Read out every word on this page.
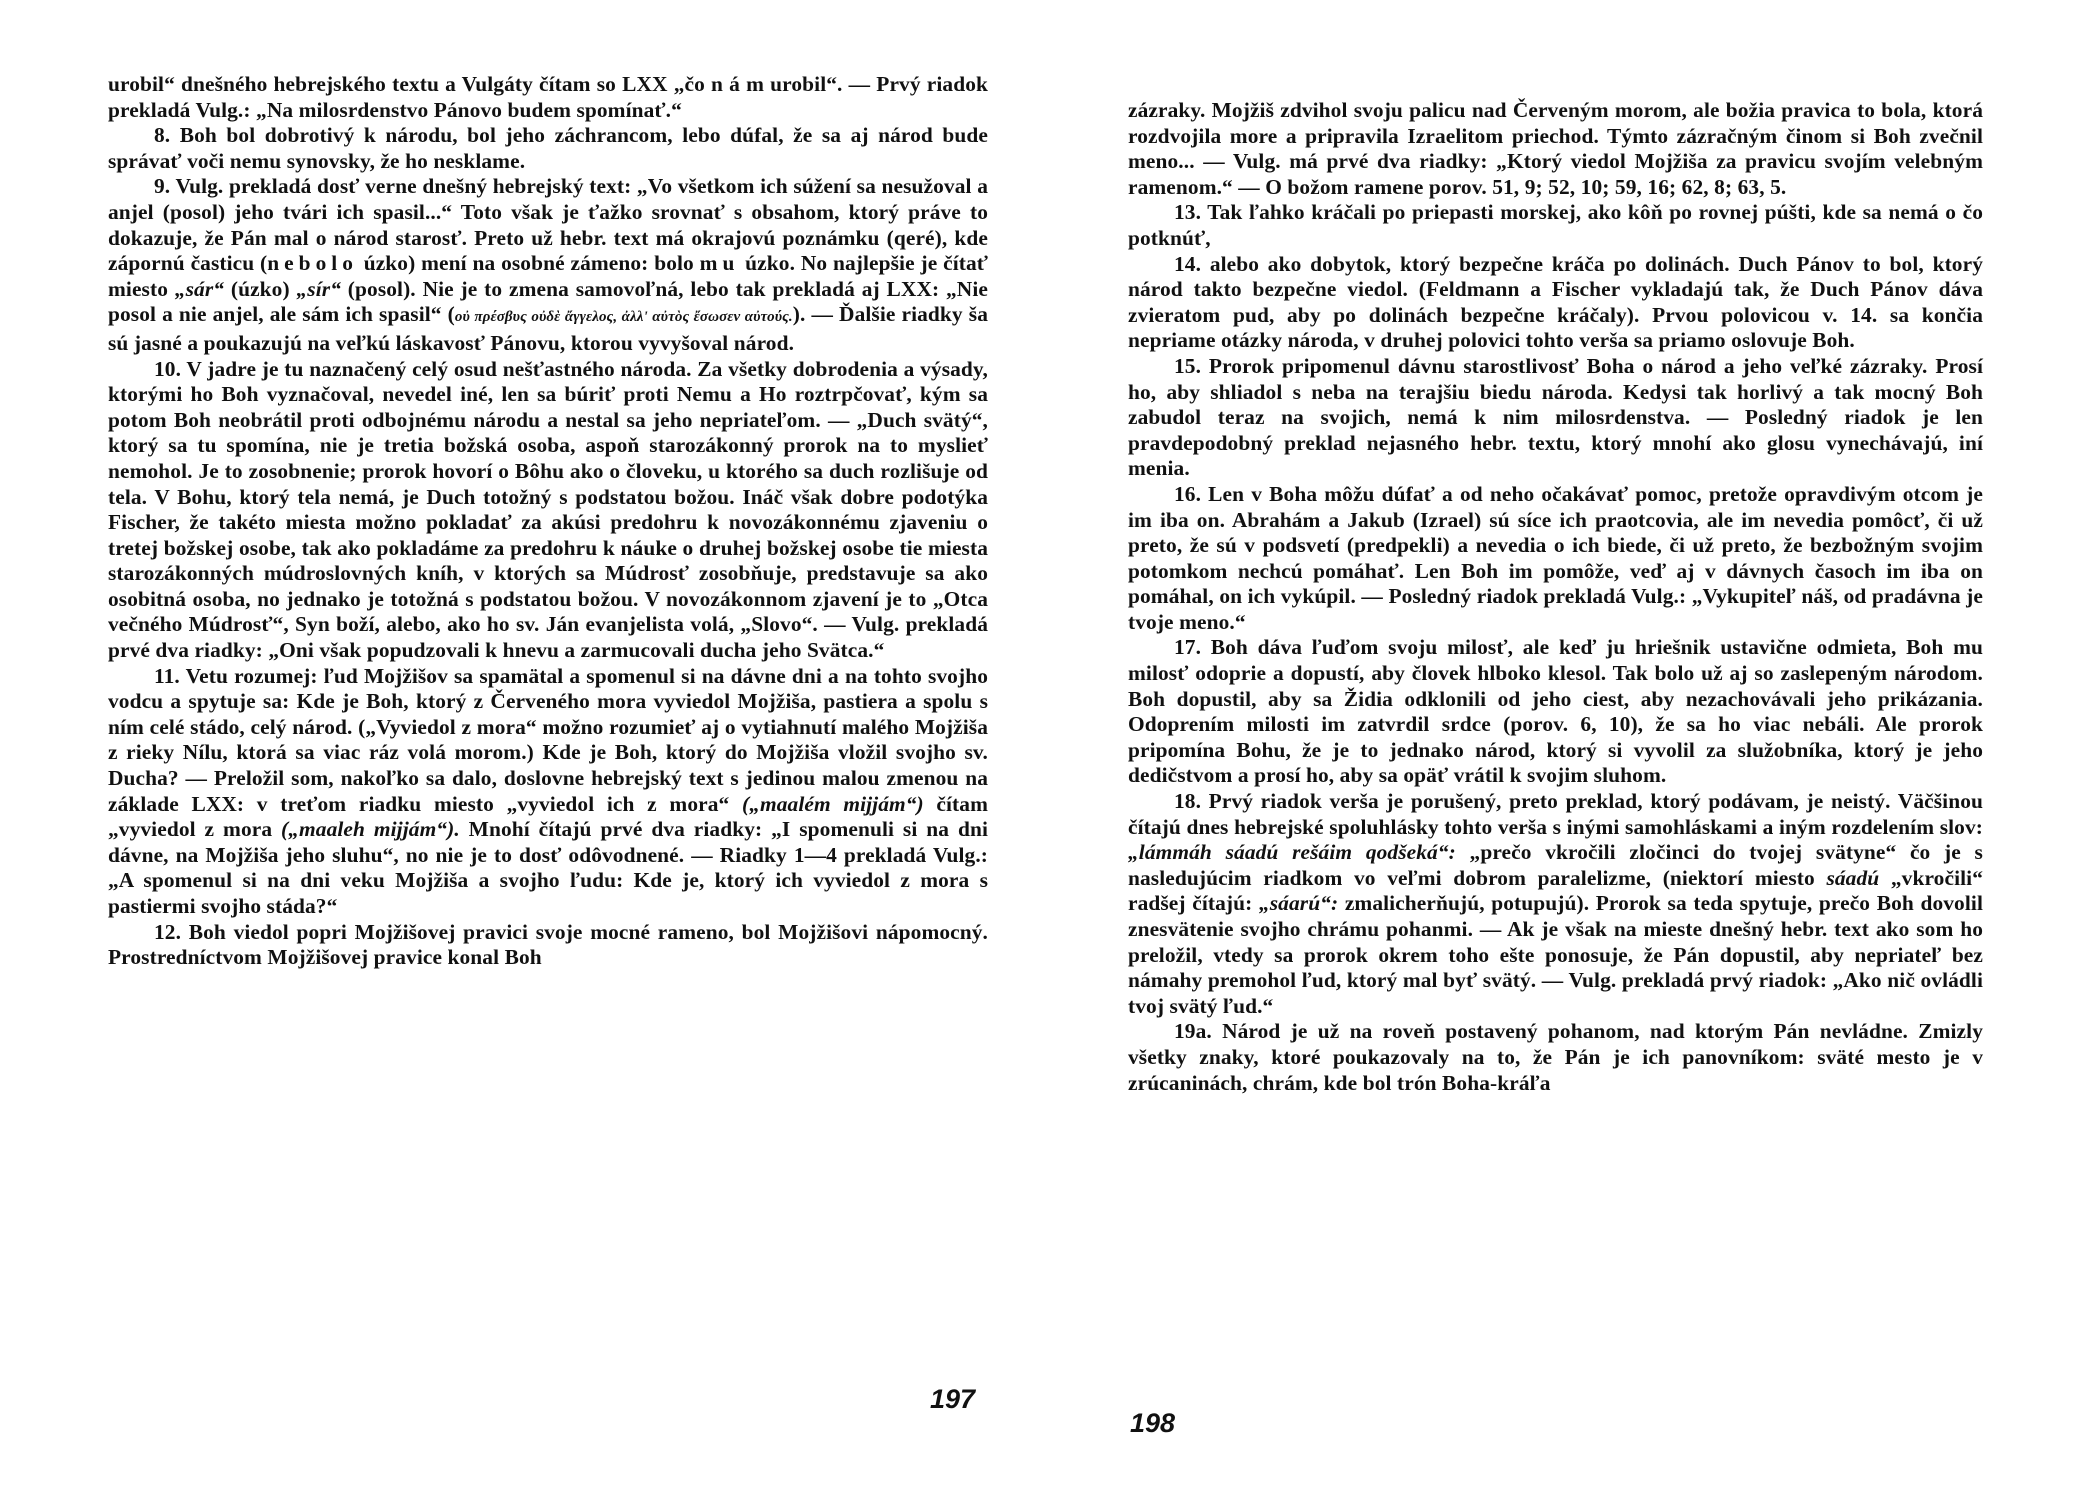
urobil“ dnešného hebrejského textu a Vulgáty čítam so LXX „čo n á m urobil“. — Prvý riadok prekladá Vulg.: „Na milosrdenstvo Pánovo budem spomínať.“

8. Boh bol dobrotivý k národu, bol jeho záchrancom, lebo dúfal, že sa aj národ bude správať voči nemu synovsky, že ho nesklame.

9. Vulg. prekladá dosť verne dnešný hebrejský text: „Vo všetkom ich súžení sa nesužoval a anjel (posol) jeho tvári ich spasil...“ Toto však je ťažko srovnať s obsahom, ktorý práve to dokazuje, že Pán mal o národ starosť. Preto už hebr. text má okrajovú poznámku (qeré), kde zápornú časticu (nebolo úzko) mení na osobné zámeno: bolo mu úzko. No najlepšie je čítať miesto „sár“ (úzko) „sír“ (posol). Nie je to zmena samovoľná, lebo tak prekladá aj LXX: „Nie posol a nie anjel, ale sám ich spasil“ (οὐ πρέσβυς οὐδὲ ἄγγελος, ἀλλ' αὐτὸς ἔσωσεν αὐτούς.). — Ďalšie riadky ša sú jasné a poukazujú na veľkú láskavosť Pánovu, ktorou vyvyšoval národ.

10. V jadre je tu naznačený celý osud nešťastného národa. Za všetky dobrodenia a výsady, ktorými ho Boh vyznačoval, nevedel iné, len sa búriť proti Nemu a Ho roztrpčovať, kým sa potom Boh neobrátil proti odbojnému národu a nestal sa jeho nepriateľom. — „Duch svätý“, ktorý sa tu spomína, nie je tretia božská osoba, aspoň starozákonný prorok na to myslieť nemohol. Je to zosobnenie; prorok hovorí o Bôhu ako o človeku, u ktorého sa duch rozlišuje od tela. V Bohu, ktorý tela nemá, je Duch totožný s podstatou božou. Ináč však dobre podotýka Fischer, že takéto miesta možno pokladať za akúsi predohru k novozákonnému zjaveniu o tretej božskej osobe, tak ako pokladáme za predohru k náuke o druhej božskej osobe tie miesta starozákonných múdroslovných kníh, v ktorých sa Múdrosť zosobňuje, predstavuje sa ako osobitná osoba, no jednako je totožná s podstatou božou. V novozákonnom zjavení je to „Otca večného Múdrosť“, Syn boží, alebo, ako ho sv. Ján evanjelista volá, „Slovo“. — Vulg. prekladá prvé dva riadky: „Oni však popudzovali k hnevu a zarmucovali ducha jeho Svätca.“

11. Vetu rozumej: ľud Mojžišov sa spamätal a spomenul si na dávne dni a na tohto svojho vodcu a spytuje sa: Kde je Boh, ktorý z Červeného mora vyviedol Mojžiša, pastiera a spolu s ním celé stádo, celý národ. („Vyviedol z mora“ možno rozumieť aj o vytiahnutí malého Mojžiša z rieky Nílu, ktorá sa viac ráz volá morom.) Kde je Boh, ktorý do Mojžiša vložil svojho sv. Ducha? — Preložil som, nakoľko sa dalo, doslovne hebrejský text s jedinou malou zmenou na základe LXX: v treťom riadku miesto „vyviedol ich z mora“ („maalém mijjám“) čítam „vyviedol z mora („maaleh mijjám“). Mnohí čítajú prvé dva riadky: „I spomenuli si na dni dávne, na Mojžiša jeho sluhu“, no nie je to dosť odôvodnené. — Riadky 1—4 prekladá Vulg.: „A spomenul si na dni veku Mojžiša a svojho ľudu: Kde je, ktorý ich vyviedol z mora s pastiermi svojho stáda?“

12. Boh viedol popri Mojžišovej pravici svoje mocné rameno, bol Mojžišovi nápomocný. Prostredníctvom Mojžišovej pravice konal Boh

197

zázraky. Mojžiš zdvihol svoju palicu nad Červeným morom, ale božia pravica to bola, ktorá rozdvojila more a pripravila Izraelitom priechod. Týmto zázračným činom si Boh zvečnil meno... — Vulg. má prvé dva riadky: „Ktorý viedol Mojžiša za pravicu svojím velebným ramenom.“ — O božom ramene porov. 51, 9; 52, 10; 59, 16; 62, 8; 63, 5.

13. Tak ľahko kráčali po priepasti morskej, ako kôň po rovnej púšti, kde sa nemá o čo potknúť,

14. alebo ako dobytok, ktorý bezpečne kráča po dolinách. Duch Pánov to bol, ktorý národ takto bezpečne viedol. (Feldmann a Fischer vykladajú tak, že Duch Pánov dáva zvieratom pud, aby po dolinách bezpečne kráčaly). Prvou polovicou v. 14. sa končia nepriame otázky národa, v druhej polovici tohto verša sa priamo oslovuje Boh.

15. Prorok pripomenul dávnu starostlivosť Boha o národ a jeho veľké zázraky. Prosí ho, aby shliadol s neba na terajšiu biedu národa. Kedysi tak horlivý a tak mocný Boh zabudol teraz na svojich, nemá k nim milosrdenstva. — Posledný riadok je len pravdepodobný preklad nejasného hebr. textu, ktorý mnohí ako glosu vynechávajú, iní menia.

16. Len v Boha môžu dúfať a od neho očakávať pomoc, pretože opravdivým otcom je im iba on. Abrahám a Jakub (Izrael) sú síce ich praotcovia, ale im nevedia pomôcť, či už preto, že sú v podsvetí (predpekli) a nevedia o ich biede, či už preto, že bezbožným svojim potomkom nechcú pomáhať. Len Boh im pomôže, veď aj v dávnych časoch im iba on pomáhal, on ich vykúpil. — Posledný riadok prekladá Vulg.: „Vykupiteľ náš, od pradávna je tvoje meno.“

17. Boh dáva ľuďom svoju milosť, ale keď ju hriešnik ustavične odmieta, Boh mu milosť odoprie a dopustí, aby človek hlboko klesol. Tak bolo už aj so zaslepeným národom. Boh dopustil, aby sa Židia odklonili od jeho ciest, aby nezachovávali jeho prikázania. Odoprením milosti im zatvrdil srdce (porov. 6, 10), že sa ho viac nebáli. Ale prorok pripomína Bohu, že je to jednako národ, ktorý si vyvolil za služobníka, ktorý je jeho dedičstvom a prosí ho, aby sa opäť vrátil k svojim sluhom.

18. Prvý riadok verša je porušený, preto preklad, ktorý podávam, je neistý. Väčšinou čítajú dnes hebrejské spoluhlásky tohto verša s inými samohláskami a iným rozdelením slov: „lámmáh sáadú rešáim qodšeká“: „prečo vkročili zločinci do tvojej svätyne“ čo je s nasledujúcim riadkom vo veľmi dobrom paralelizme, (niektorí miesto sáadú „vkročili“ radšej čítajú: „sáarú“: zmalicherňujú, potupujú). Prorok sa teda spytuje, prečo Boh dovolil znesvätenie svojho chrámu pohanmi. — Ak je však na mieste dnešný hebr. text ako som ho preložil, vtedy sa prorok okrem toho ešte ponosuje, že Pán dopustil, aby nepriateľ bez námahy premohol ľud, ktorý mal byť svätý. — Vulg. prekladá prvý riadok: „Ako nič ovládli tvoj svätý ľud.“

19a. Národ je už na roveň postavený pohanom, nad ktorým Pán nevládne. Zmizly všetky znaky, ktoré poukazovaly na to, že Pán je ich panovníkom: sväté mesto je v zrúcaninách, chrám, kde bol trón Boha-kráľa

198
